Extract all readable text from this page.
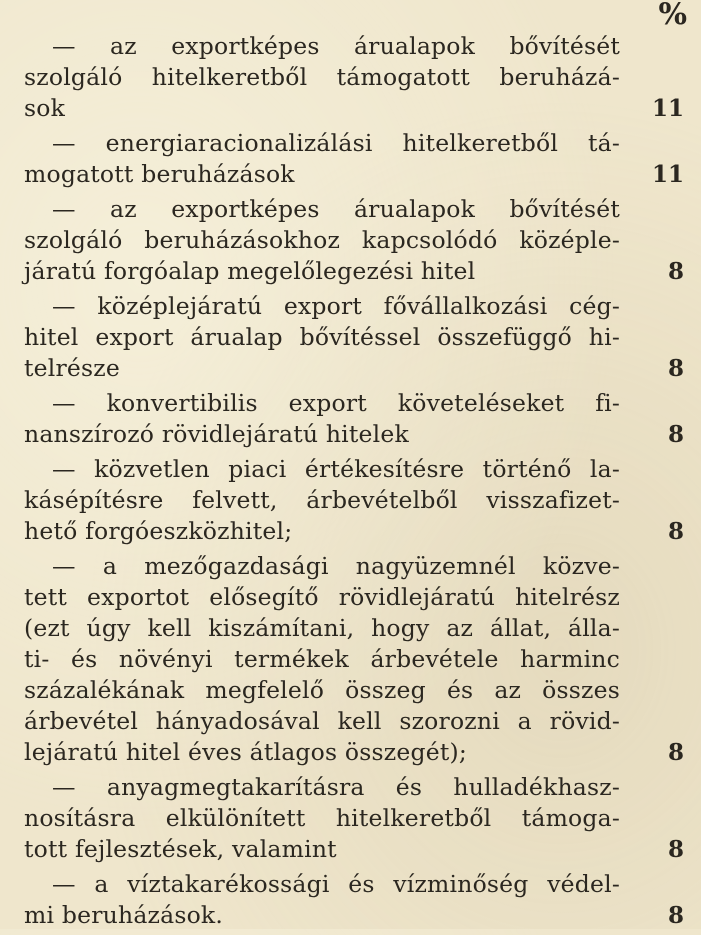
%
— az exportképes árualapok bővítését
szolgáló hitelkeretből támogatott beruházá-
sok	11
— energiaracionalizálási hitelkeretből tá-
mogatott beruházások	11
— az exportképes árualapok bővítését
szolgáló beruházásokhoz kapcsolódó középle-
járatú forgóalap megelőlegezési hitel	8
— középlejáratú export fővállalkozási cég-
hitel export árualap bővítéssel összefüggő hi-
telrésze	8
— konvertibilis export követeléseket fi-
nanszírozó rövidlejáratú hitelek	8
— közvetlen piaci értékesítésre történő la-
kásépítésre felvett, árbevételből visszafizet-
hető forgóeszközhitel;	8
— a mezőgazdasági nagyüzemnél közve-
tett exportot elősegítő rövidlejáratú hitelrész
(ezt úgy kell kiszámítani, hogy az állat, álla-
ti- és növényi termékek árbevétele harminc
százalékának megfelelő összeg és az összes
árbevétel hányadosával kell szorozni a rövid-
lejáratú hitel éves átlagos összegét);	8
— anyagmegtakarításra és hulladékhasz-
nosításra elkülönített hitelkeretből támoga-
tott fejlesztések, valamint	8
— a víztakarékossági és vízminőség védel-
mi beruházások.	8
